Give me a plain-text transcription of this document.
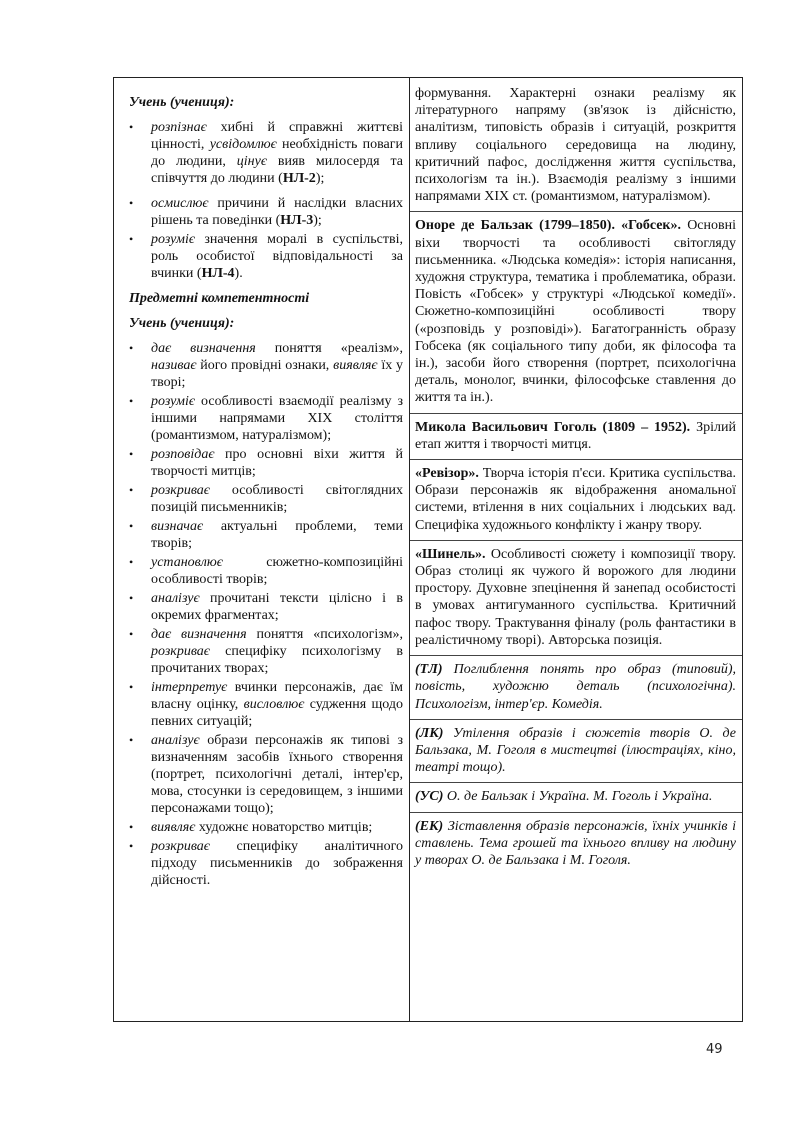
Учень (учениця):
• розпізнає хибні й справжні життєві цінності, усвідомлює необхідність поваги до людини, цінує вияв милосердя та співчуття до людини (НЛ-2);
• осмислює причини й наслідки власних рішень та поведінки (НЛ-3);
• розуміє значення моралі в суспільстві, роль особистої відповідальності за вчинки (НЛ-4).
Предметні компетентності
Учень (учениця):
• дає визначення поняття «реалізм», називає його провідні ознаки, виявляє їх у творі;
• розуміє особливості взаємодії реалізму з іншими напрямами XIX століття (романтизмом, натуралізмом);
• розповідає про основні віхи життя й творчості митців;
• розкриває особливості світоглядних позицій письменників;
• визначає актуальні проблеми, теми творів;
• установлює сюжетно-композиційні особливості творів;
• аналізує прочитані тексти цілісно і в окремих фрагментах;
• дає визначення поняття «психологізм», розкриває специфіку психологізму в прочитаних творах;
• інтерпретує вчинки персонажів, дає їм власну оцінку, висловлює судження щодо певних ситуацій;
• аналізує образи персонажів як типові з визначенням засобів їхнього створення (портрет, психологічні деталі, інтер'єр, мова, стосунки із середовищем, з іншими персонажами тощо);
• виявляє художнє новаторство митців;
• розкриває специфіку аналітичного підходу письменників до зображення дійсності.

формування. Характерні ознаки реалізму як літературного напряму (зв'язок із дійсністю, аналітизм, типовість образів і ситуацій, розкриття впливу соціального середовища на людину, критичний пафос, дослідження життя суспільства, психологізм та ін.). Взаємодія реалізму з іншими напрямами XIX ст. (романтизмом, натуралізмом).

Оноре де Бальзак (1799–1850). «Гобсек». Основні віхи творчості та особливості світогляду письменника. «Людська комедія»: історія написання, художня структура, тематика і проблематика, образи. Повість «Гобсек» у структурі «Людської комедії». Сюжетно-композиційні особливості твору («розповідь у розповіді»). Багатогранність образу Гобсека (як соціального типу доби, як філософа та ін.), засоби його створення (портрет, психологічна деталь, монолог, вчинки, філософське ставлення до життя та ін.).

Микола Васильович Гоголь (1809 – 1952). Зрілий етап життя і творчості митця.

«Ревізор». Творча історія п'єси. Критика суспільства. Образи персонажів як відображення аномальної системи, втілення в них соціальних і людських вад. Специфіка художнього конфлікту і жанру твору.

«Шинель». Особливості сюжету і композиції твору. Образ столиці як чужого й ворожого для людини простору. Духовне зпецінення й занепад особистості в умовах антигуманного суспільства. Критичний пафос твору. Трактування фіналу (роль фантастики в реалістичному творі). Авторська позиція.

(ТЛ) Поглиблення понять про образ (типовий), повість, художню деталь (психологічна). Психологізм, інтер'єр. Комедія.

(ЛК) Утілення образів і сюжетів творів О. де Бальзака, М. Гоголя в мистецтві (ілюстраціях, кіно, театрі тощо).

(УС) О. де Бальзак і Україна. М. Гоголь і Україна.

(ЕК) Зіставлення образів персонажів, їхніх учинків і ставлень. Тема грошей та їхнього впливу на людину у творах О. де Бальзака і М. Гоголя.

49
